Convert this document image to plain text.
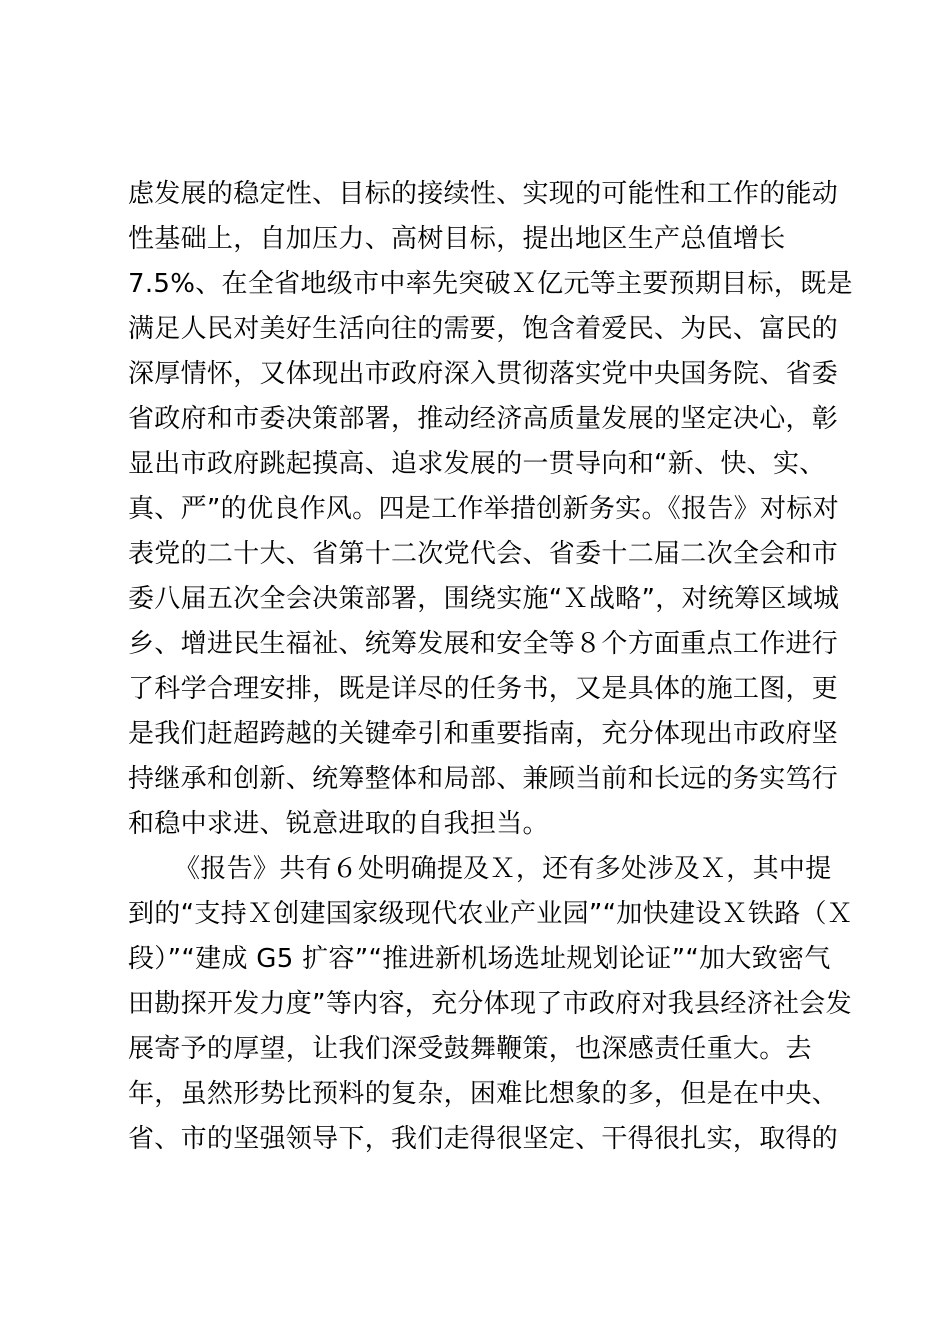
虑发展的稳定性、目标的接续性、实现的可能性和工作的能动
性基础上，自加压力、高树目标，提出地区生产总值增长
7.5%、在全省地级市中率先突破Ｘ亿元等主要预期目标，既是
满足人民对美好生活向往的需要，饱含着爱民、为民、富民的
深厚情怀，又体现出市政府深入贯彻落实党中央国务院、省委
省政府和市委决策部署，推动经济高质量发展的坚定决心，彰
显出市政府跳起摸高、追求发展的一贯导向和“新、快、实、
真、严”的优良作风。四是工作举措创新务实。《报告》对标对
表党的二十大、省第十二次党代会、省委十二届二次全会和市
委八届五次全会决策部署，围绕实施“Ｘ战略”，对统筹区域城
乡、增进民生福祉、统筹发展和安全等８个方面重点工作进行
了科学合理安排，既是详尽的任务书，又是具体的施工图，更
是我们赶超跨越的关键牵引和重要指南，充分体现出市政府坚
持继承和创新、统筹整体和局部、兼顾当前和长远的务实笃行
和稳中求进、锐意进取的自我担当。
《报告》共有６处明确提及Ｘ，还有多处涉及Ｘ，其中提
到的“支持Ｘ创建国家级现代农业产业园”“加快建设Ｘ铁路（Ｘ
段）”“建成 G5 扩容”“推进新机场选址规划论证”“加大致密气
田勘探开发力度”等内容，充分体现了市政府对我县经济社会发
展寄予的厚望，让我们深受鼓舞鞭策，也深感责任重大。去
年，虽然形势比预料的复杂，困难比想象的多，但是在中央、
省、市的坚强领导下，我们走得很坚定、干得很扎实，取得的
